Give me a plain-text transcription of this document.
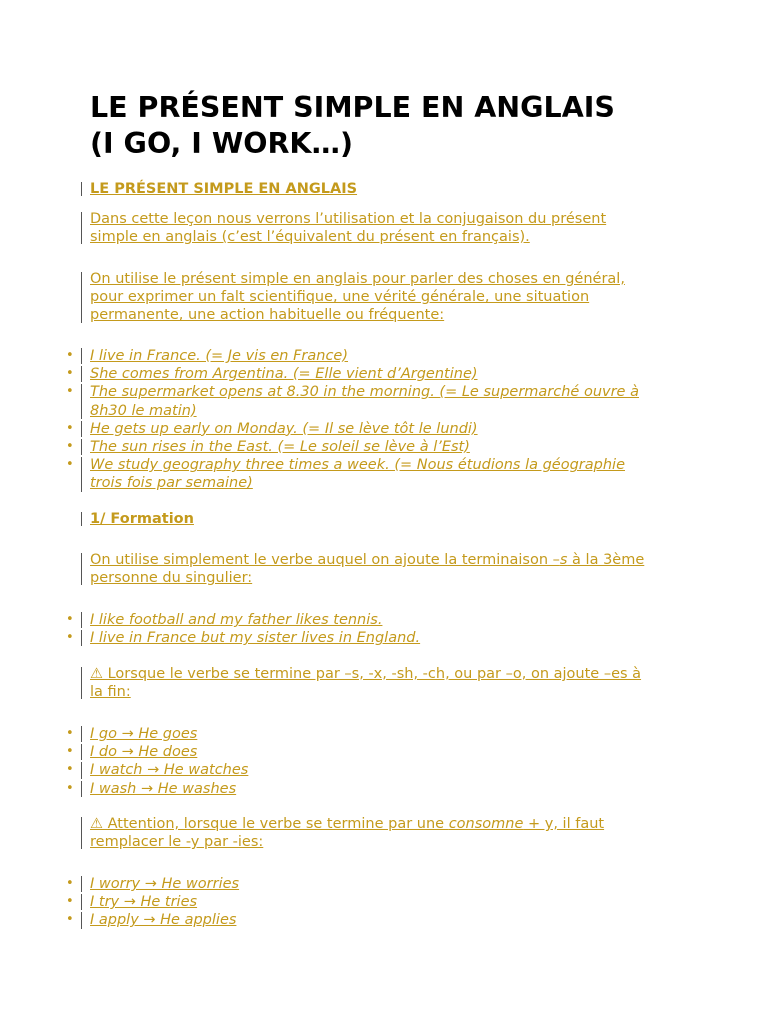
LE PRÉSENT SIMPLE EN ANGLAIS
(I GO, I WORK…)
LE PRÉSENT SIMPLE EN ANGLAIS
Dans cette leçon nous verrons l’utilisation et la conjugaison du présent
simple en anglais (c’est l’équivalent du présent en français).
On utilise le présent simple en anglais pour parler des choses en général,
pour exprimer un falt scientifique, une vérité générale, une situation
permanente, une action habituelle ou fréquente:
• I live in France. (= Je vis en France)
• She comes from Argentina. (= Elle vient d’Argentine)
• The supermarket opens at 8.30 in the morning. (= Le supermarché ouvre à
8h30 le matin)
• He gets up early on Monday. (= Il se lève tôt le lundi)
• The sun rises in the East. (= Le soleil se lève à l’Est)
• We study geography three times a week. (= Nous étudions la géographie
trois fois par semaine)
1/ Formation
On utilise simplement le verbe auquel on ajoute la terminaison –s à la 3ème
personne du singulier:
• I like football and my father likes tennis.
• I live in France but my sister lives in England.
⚠ Lorsque le verbe se termine par –s, -x, -sh, -ch, ou par –o, on ajoute –es à
la fin:
• I go → He goes
• I do → He does
• I watch → He watches
• I wash → He washes
⚠ Attention, lorsque le verbe se termine par une consomne + y, il faut
remplacer le -y par -ies:
• I worry → He worries
• I try → He tries
• I apply → He applies
